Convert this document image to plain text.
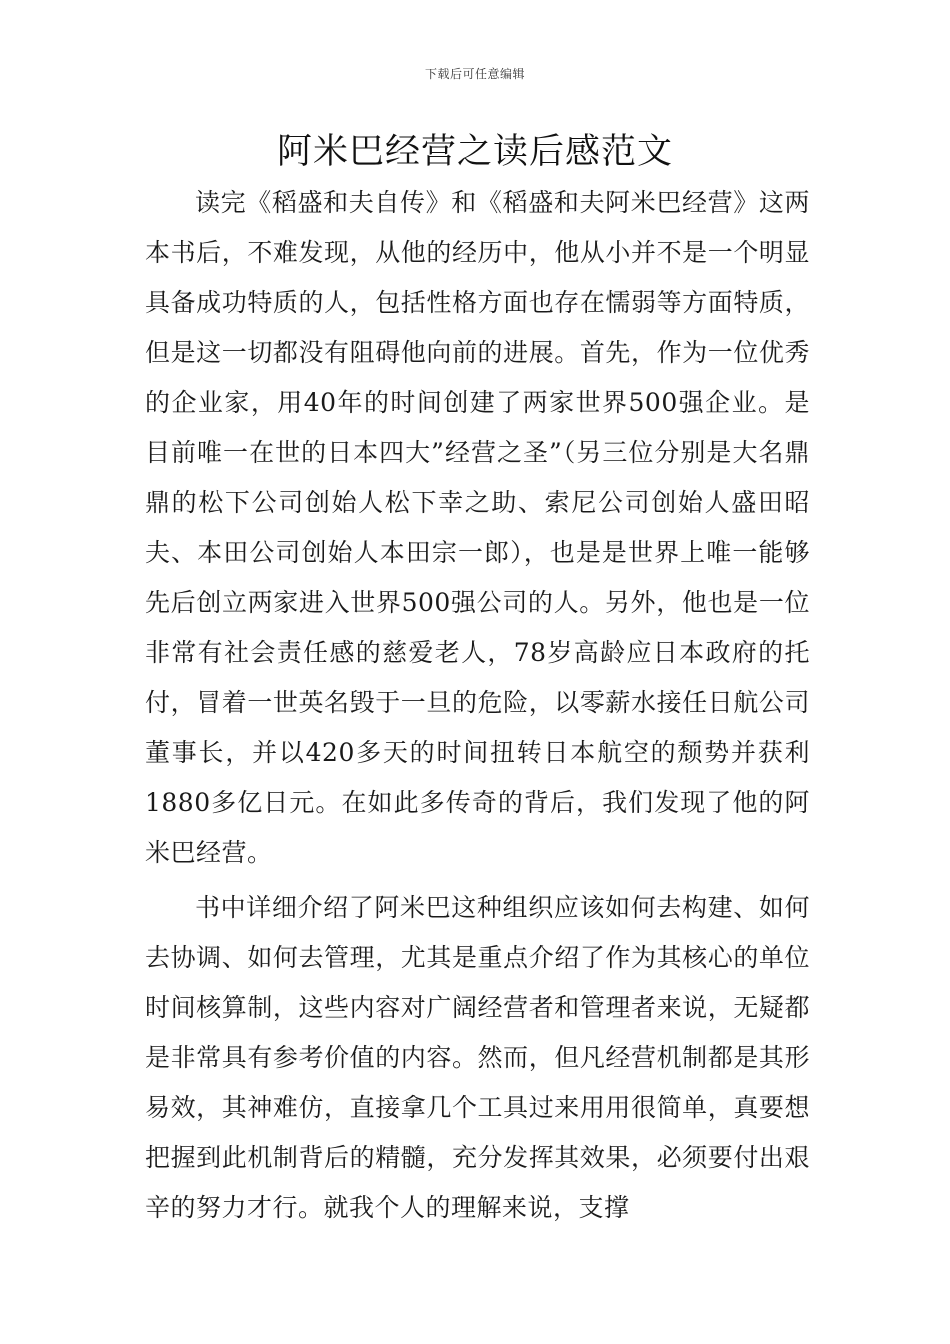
下载后可任意编辑
阿米巴经营之读后感范文

读完《稻盛和夫自传》和《稻盛和夫阿米巴经营》这两本书后，不难发现，从他的经历中，他从小并不是一个明显具备成功特质的人，包括性格方面也存在懦弱等方面特质，但是这一切都没有阻碍他向前的进展。首先，作为一位优秀的企业家，用40年的时间创建了两家世界500强企业。是目前唯一在世的日本四大”经营之圣”（另三位分别是大名鼎鼎的松下公司创始人松下幸之助、索尼公司创始人盛田昭夫、本田公司创始人本田宗一郎），也是是世界上唯一能够先后创立两家进入世界500强公司的人。另外，他也是一位非常有社会责任感的慈爱老人，78岁高龄应日本政府的托付，冒着一世英名毁于一旦的危险，以零薪水接任日航公司董事长，并以420多天的时间扭转日本航空的颓势并获利1880多亿日元。在如此多传奇的背后，我们发现了他的阿米巴经营。

书中详细介绍了阿米巴这种组织应该如何去构建、如何去协调、如何去管理，尤其是重点介绍了作为其核心的单位时间核算制，这些内容对广阔经营者和管理者来说，无疑都是非常具有参考价值的内容。然而，但凡经营机制都是其形易效，其神难仿，直接拿几个工具过来用用很简单，真要想把握到此机制背后的精髓，充分发挥其效果，必须要付出艰辛的努力才行。就我个人的理解来说，支撑
